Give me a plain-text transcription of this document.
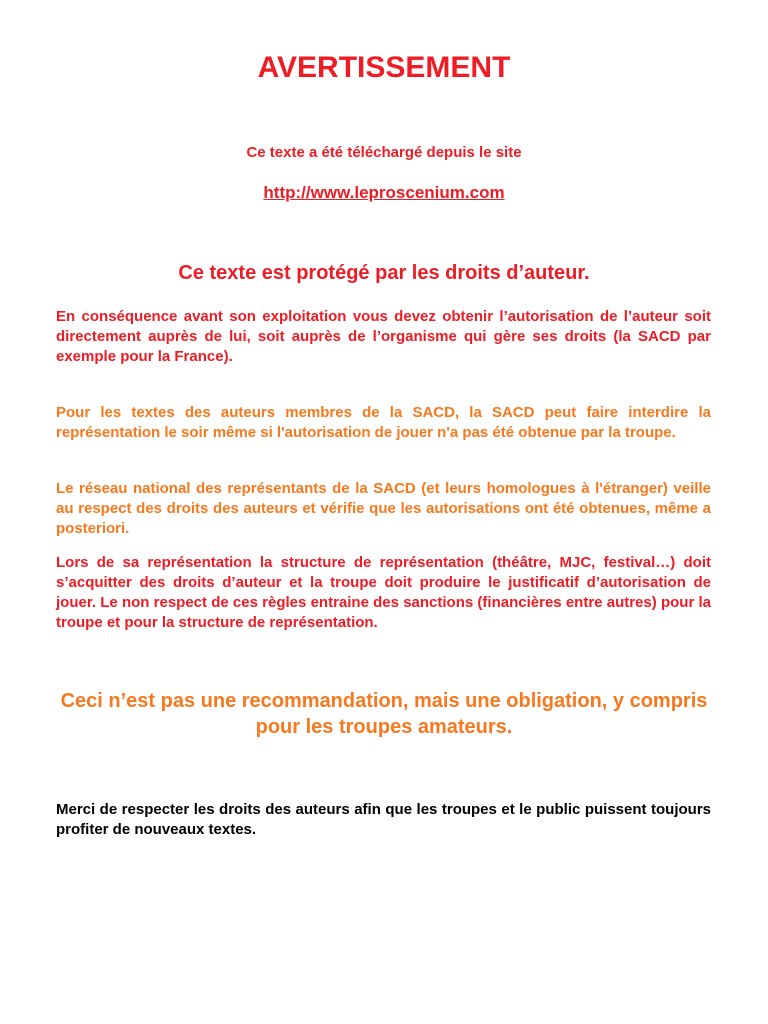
AVERTISSEMENT
Ce texte a été téléchargé depuis le site
http://www.leproscenium.com
Ce texte est protégé par les droits d’auteur.
En conséquence avant son exploitation vous devez obtenir l’autorisation de l’auteur soit directement auprès de lui, soit auprès de l’organisme qui gère ses droits (la SACD par exemple pour la France).
Pour les textes des auteurs membres de la SACD, la SACD peut faire interdire la représentation le soir même si l'autorisation de jouer n'a pas été obtenue par la troupe.
Le réseau national des représentants de la SACD (et leurs homologues à l'étranger) veille au respect des droits des auteurs et vérifie que les autorisations ont été obtenues, même a posteriori.
Lors de sa représentation la structure de représentation (théâtre, MJC, festival…) doit s’acquitter des droits d’auteur et la troupe doit produire le justificatif d’autorisation de jouer. Le non respect de ces règles entraine des sanctions (financières entre autres) pour la troupe et pour la structure de représentation.
Ceci n’est pas une recommandation, mais une obligation, y compris pour les troupes amateurs.
Merci de respecter les droits des auteurs afin que les troupes et le public puissent toujours profiter de nouveaux textes.
